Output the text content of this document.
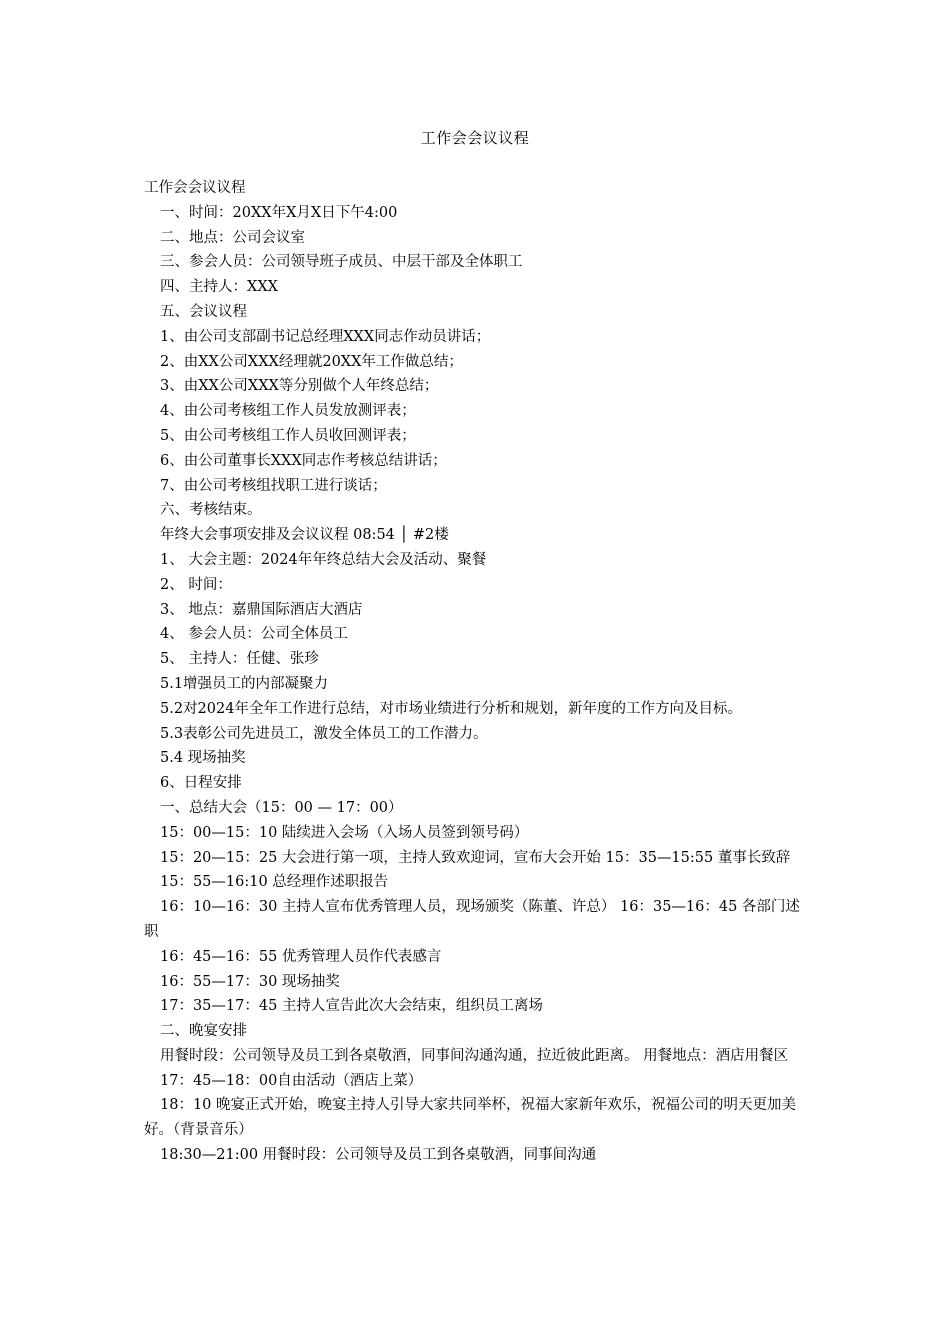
工作会会议议程

工作会会议议程

一、时间：20XX年X月X日下午4:00

二、地点：公司会议室

三、参会人员：公司领导班子成员、中层干部及全体职工

四、主持人：XXX

五、会议议程

1、由公司支部副书记总经理XXX同志作动员讲话；

2、由XX公司XXX经理就20XX年工作做总结；

3、由XX公司XXX等分别做个人年终总结；

4、由公司考核组工作人员发放测评表；

5、由公司考核组工作人员收回测评表；

6、由公司董事长XXX同志作考核总结讲话；

7、由公司考核组找职工进行谈话；

六、考核结束。

年终大会事项安排及会议议程 08:54 │ #2楼

1、 大会主题：2024年年终总结大会及活动、聚餐

2、 时间：

3、 地点：嘉鼎国际酒店大酒店

4、 参会人员：公司全体员工

5、 主持人：任健、张珍

5.1增强员工的内部凝聚力

5.2对2024年全年工作进行总结，对市场业绩进行分析和规划，新年度的工作方向及目标。

5.3表彰公司先进员工，激发全体员工的工作潜力。

5.4 现场抽奖

6、日程安排

一、总结大会（15：00 — 17：00）

15：00—15：10 陆续进入会场（入场人员签到领号码）

15：20—15：25 大会进行第一项，主持人致欢迎词，宣布大会开始 15：35—15:55 董事长致辞

15：55—16:10 总经理作述职报告

16：10—16：30 主持人宣布优秀管理人员，现场颁奖（陈董、许总） 16：35—16：45 各部门述职

16：45—16：55 优秀管理人员作代表感言

16：55—17：30 现场抽奖

17：35—17：45 主持人宣告此次大会结束，组织员工离场

二、晚宴安排

用餐时段：公司领导及员工到各桌敬酒，同事间沟通沟通，拉近彼此距离。 用餐地点：酒店用餐区

17：45—18：00自由活动（酒店上菜）

18：10 晚宴正式开始，晚宴主持人引导大家共同举杯，祝福大家新年欢乐，祝福公司的明天更加美好。（背景音乐）

18:30—21:00 用餐时段：公司领导及员工到各桌敬酒，同事间沟通
